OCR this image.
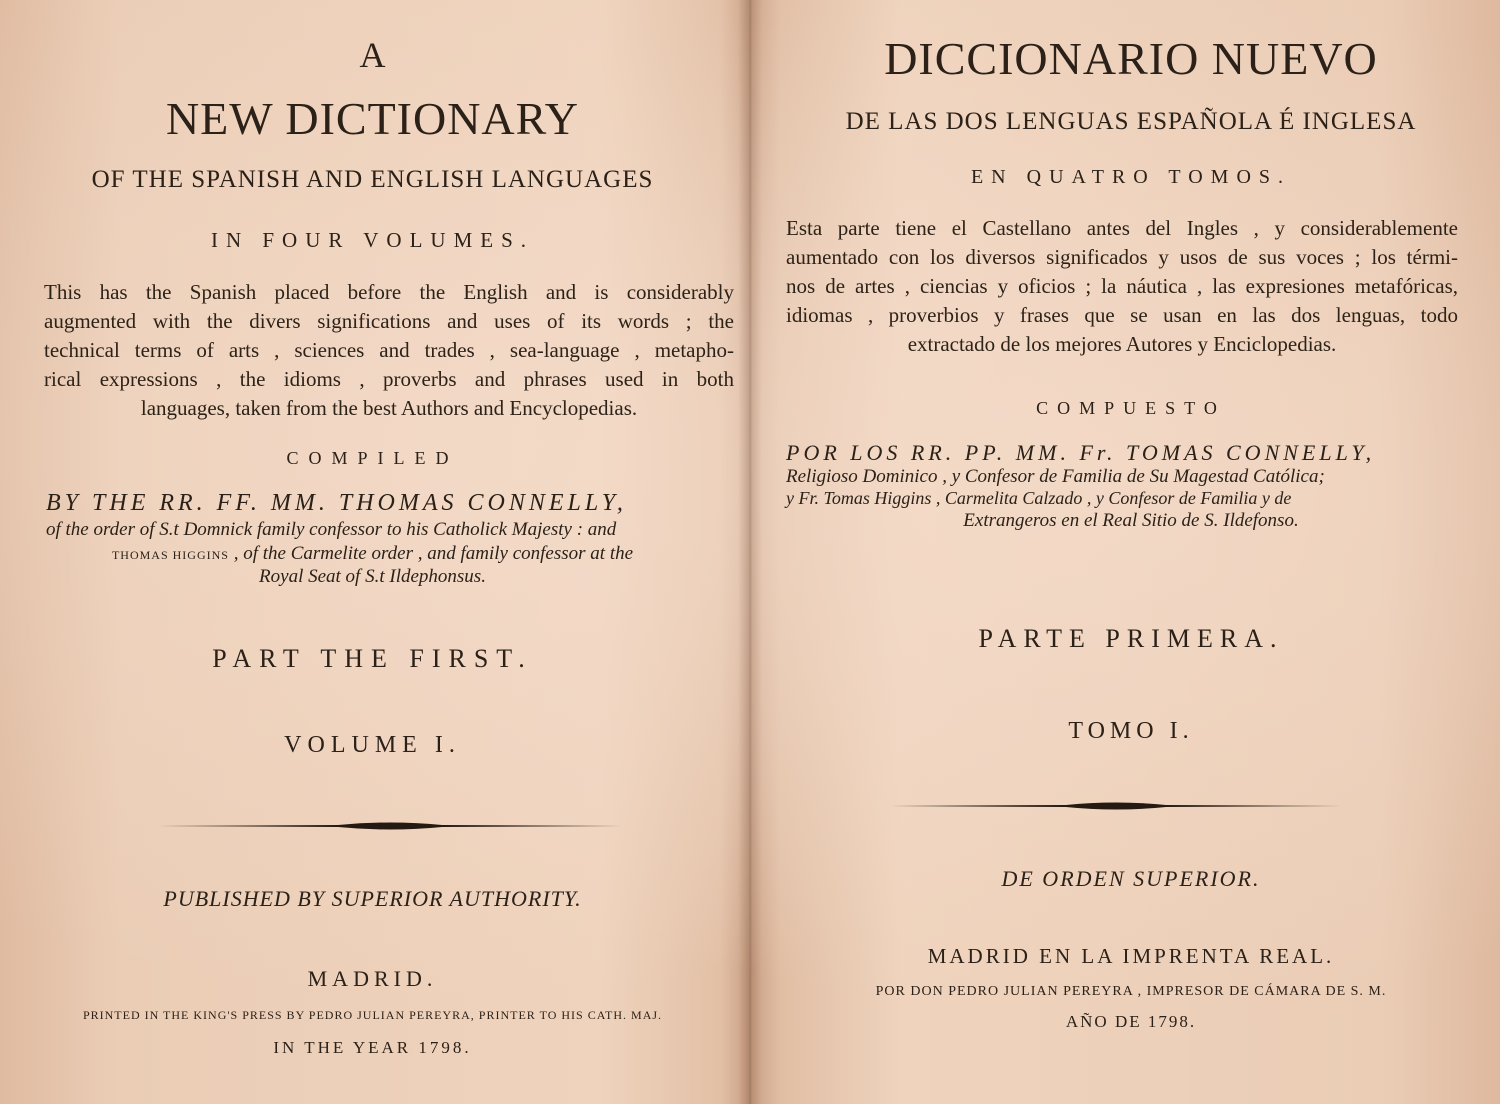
A
NEW DICTIONARY
OF THE SPANISH AND ENGLISH LANGUAGES
IN FOUR VOLUMES.
This has the Spanish placed before the English and is considerably
augmented with the divers significations and uses of its words ; the
technical terms of arts , sciences and trades , sea-language , metapho-
rical expressions , the idioms , proverbs and phrases used in both
languages, taken from the best Authors and Encyclopedias.
COMPILED
BY THE RR. FF. MM. THOMAS CONNELLY,
of the order of S.t Domnick family confessor to his Catholick Majesty : and
THOMAS HIGGINS , of the Carmelite order , and family confessor at the
Royal Seat of S.t Ildephonsus.
PART THE FIRST.
VOLUME I.
PUBLISHED BY SUPERIOR AUTHORITY.
MADRID.
PRINTED IN THE KING'S PRESS BY PEDRO JULIAN PEREYRA, PRINTER TO HIS CATH. MAJ.
IN THE YEAR 1798.
DICCIONARIO NUEVO
DE LAS DOS LENGUAS ESPAÑOLA É INGLESA
EN QUATRO TOMOS.
Esta parte tiene el Castellano antes del Ingles , y considerablemente
aumentado con los diversos significados y usos de sus voces ; los térmi-
nos de artes , ciencias y oficios ; la náutica , las expresiones metafóricas,
idiomas , proverbios y frases que se usan en las dos lenguas, todo
extractado de los mejores Autores y Enciclopedias.
COMPUESTO
POR LOS RR. PP. MM. Fr. TOMAS CONNELLY,
Religioso Dominico , y Confesor de Familia de Su Magestad Católica;
y Fr. Tomas Higgins , Carmelita Calzado , y Confesor de Familia y de
Extrangeros en el Real Sitio de S. Ildefonso.
PARTE PRIMERA.
TOMO I.
DE ORDEN SUPERIOR.
MADRID EN LA IMPRENTA REAL.
POR DON PEDRO JULIAN PEREYRA , IMPRESOR DE CÁMARA DE S. M.
AÑO DE 1798.
